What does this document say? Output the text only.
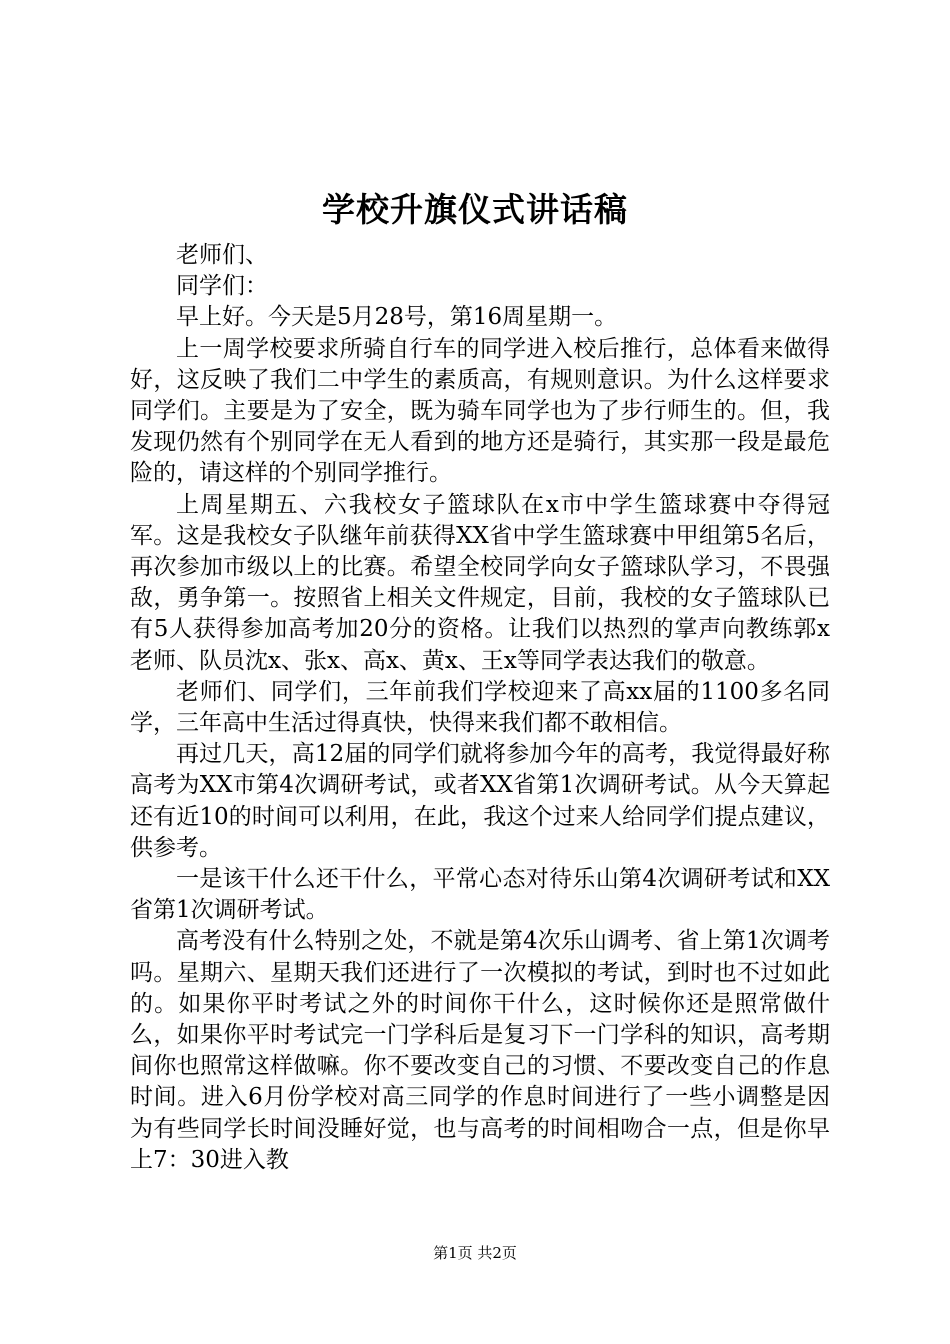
学校升旗仪式讲话稿

老师们、

同学们：

早上好。今天是5月28号，第16周星期一。

上一周学校要求所骑自行车的同学进入校后推行，总体看来做得好，这反映了我们二中学生的素质高，有规则意识。为什么这样要求同学们。主要是为了安全，既为骑车同学也为了步行师生的。但，我发现仍然有个别同学在无人看到的地方还是骑行，其实那一段是最危险的，请这样的个别同学推行。

上周星期五、六我校女子篮球队在x市中学生篮球赛中夺得冠军。这是我校女子队继年前获得XX省中学生篮球赛中甲组第5名后，再次参加市级以上的比赛。希望全校同学向女子篮球队学习，不畏强敌，勇争第一。按照省上相关文件规定，目前，我校的女子篮球队已有5人获得参加高考加20分的资格。让我们以热烈的掌声向教练郭x老师、队员沈x、张x、高x、黄x、王x等同学表达我们的敬意。

老师们、同学们，三年前我们学校迎来了高xx届的1100多名同学，三年高中生活过得真快，快得来我们都不敢相信。

再过几天，高12届的同学们就将参加今年的高考，我觉得最好称高考为XX市第4次调研考试，或者XX省第1次调研考试。从今天算起还有近10的时间可以利用，在此，我这个过来人给同学们提点建议，供参考。

一是该干什么还干什么，平常心态对待乐山第4次调研考试和XX省第1次调研考试。

高考没有什么特别之处，不就是第4次乐山调考、省上第1次调考吗。星期六、星期天我们还进行了一次模拟的考试，到时也不过如此的。如果你平时考试之外的时间你干什么，这时候你还是照常做什么，如果你平时考试完一门学科后是复习下一门学科的知识，高考期间你也照常这样做嘛。你不要改变自己的习惯、不要改变自己的作息时间。进入6月份学校对高三同学的作息时间进行了一些小调整是因为有些同学长时间没睡好觉，也与高考的时间相吻合一点，但是你早上7：30进入教

第1页 共2页
